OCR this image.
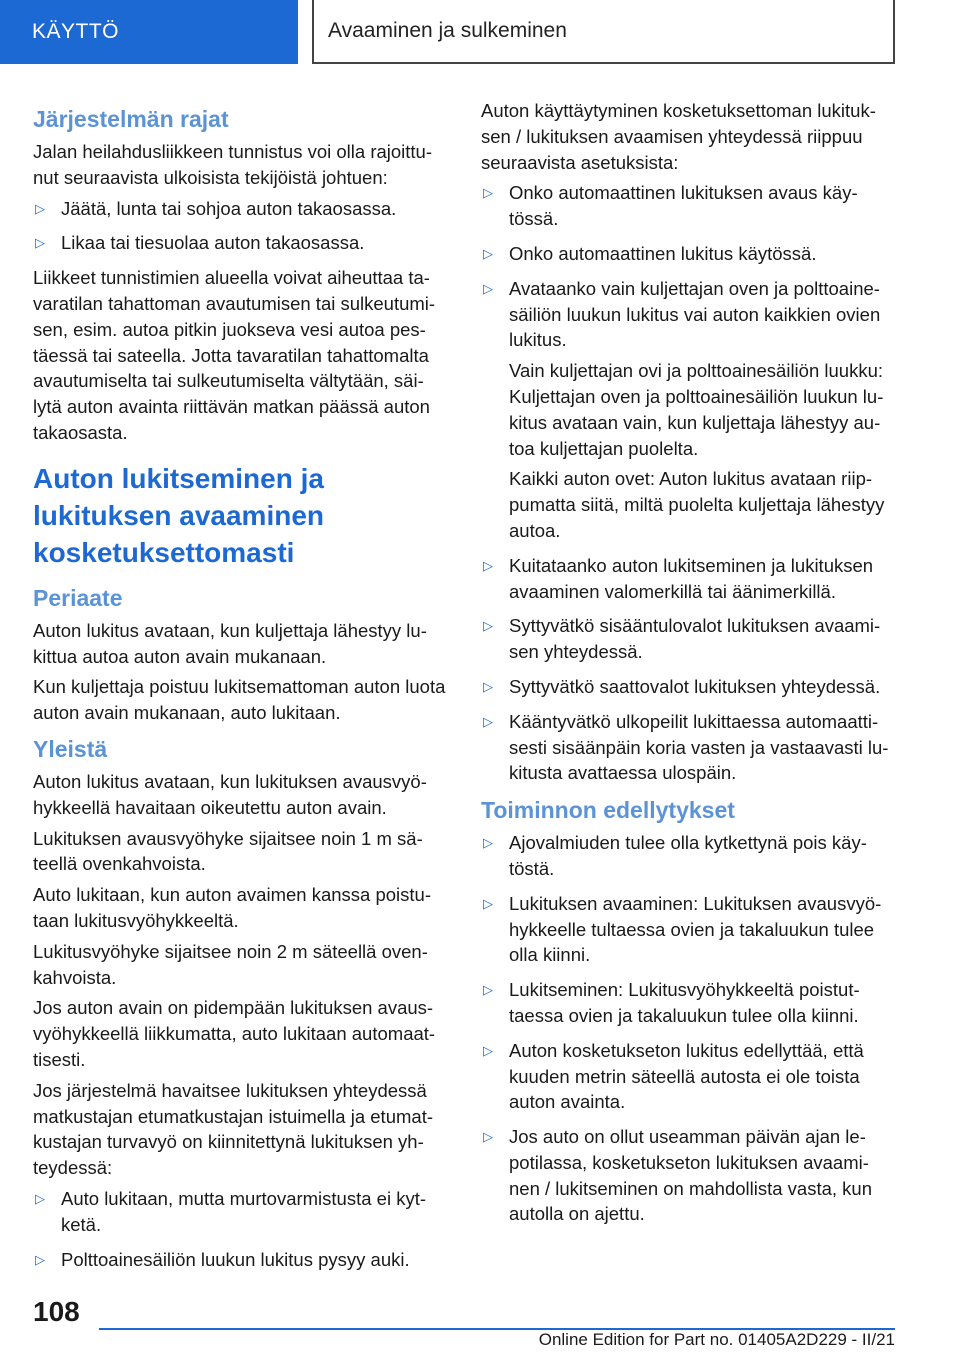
KÄYTTÖ	Avaaminen ja sulkeminen
Järjestelmän rajat

Jalan heilahdusliikkeen tunnistus voi olla rajoittu-nut seuraavista ulkoisista tekijöistä johtuen:

▷ Jäätä, lunta tai sohjoa auton takaosassa.
▷ Likaa tai tiesuolaa auton takaosassa.

Liikkeet tunnistimien alueella voivat aiheuttaa ta-varatilan tahattoman avautumisen tai sulkeutumi-sen, esim. autoa pitkin juokseva vesi autoa pes-täessä tai sateella. Jotta tavaratilan tahattomalta avautumiselta tai sulkeutumiselta vältytään, säi-lytä auton avainta riittävän matkan päässä auton takaosasta.

Auton lukitseminen ja lukituksen avaaminen kosketuksettomasti
Periaate

Auton lukitus avataan, kun kuljettaja lähestyy lu-kittua autoa auton avain mukanaan.

Kun kuljettaja poistuu lukitsemattoman auton luota auton avain mukanaan, auto lukitaan.

Yleistä

Auton lukitus avataan, kun lukituksen avausvyö-hykkeellä havaitaan oikeutettu auton avain.

Lukituksen avausvyöhyke sijaitsee noin 1 m sä-teellä ovenkahvoista.

Auto lukitaan, kun auton avaimen kanssa poistu-taan lukitusvyöhykkeeltä.

Lukitusvyöhyke sijaitsee noin 2 m säteellä oven-kahvoista.

Jos auton avain on pidempään lukituksen avaus-vyöhykkeellä liikkumatta, auto lukitaan automaat-tisesti.

Jos järjestelmä havaitsee lukituksen yhteydessä matkustajan etumatkustajan istuimella ja etumat-kustajan turvavyö on kiinnitettynä lukituksen yh-teydessä:

▷ Auto lukitaan, mutta murtovarmistusta ei kyt-ketä.
▷ Polttoainesäiliön luukun lukitus pysyy auki.

Auton käyttäytyminen kosketuksettoman lukituk-sen / lukituksen avaamisen yhteydessä riippuu seuraavista asetuksista:

▷ Onko automaattinen lukituksen avaus käy-tössä.
▷ Onko automaattinen lukitus käytössä.
▷ Avataanko vain kuljettajan oven ja polttoaine-säiliön luukun lukitus vai auton kaikkien ovien lukitus.
Vain kuljettajan ovi ja polttoainesäiliön luukku: Kuljettajan oven ja polttoainesäiliön luukun lu-kitus avataan vain, kun kuljettaja lähestyy au-toa kuljettajan puolelta.
Kaikki auton ovet: Auton lukitus avataan riip-pumatta siitä, miltä puolelta kuljettaja lähestyy autoa.
▷ Kuitataanko auton lukitseminen ja lukituksen avaaminen valomerkillä tai äänimerkillä.
▷ Syttyvätkö sisääntulovalot lukituksen avaami-sen yhteydessä.
▷ Syttyvätkö saattovalot lukituksen yhteydessä.
▷ Kääntyvätkö ulkopeilit lukittaessa automaatti-sesti sisäänpäin koria vasten ja vastaavasti lu-kitusta avattaessa ulospäin.
Toiminnon edellytykset
▷ Ajovalmiuden tulee olla kytkettynä pois käy-töstä.
▷ Lukituksen avaaminen: Lukituksen avausvyö-hykkeelle tultaessa ovien ja takaluukun tulee olla kiinni.
▷ Lukitseminen: Lukitusvyöhykkeeltä poistut-taessa ovien ja takaluukun tulee olla kiinni.
▷ Auton kosketukseton lukitus edellyttää, että kuuden metrin säteellä autosta ei ole toista auton avainta.
▷ Jos auto on ollut useamman päivän ajan le-potilassa, kosketukseton lukituksen avaami-nen / lukitseminen on mahdollista vasta, kun autolla on ajettu.
108
Online Edition for Part no. 01405A2D229 - II/21
